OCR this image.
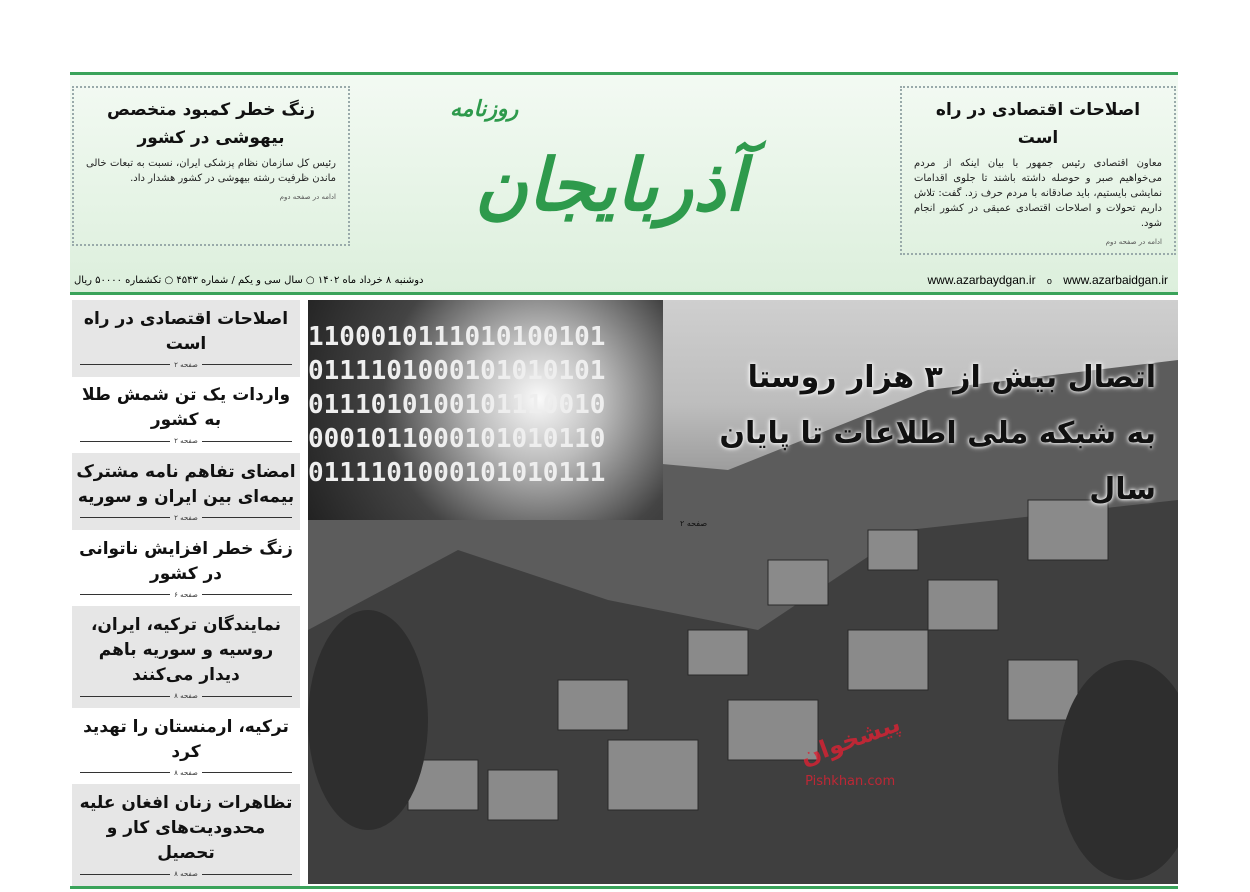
اصلاحات اقتصادی در راه است

معاون اقتصادی رئیس جمهور با بیان اینکه از مردم می‌خواهیم صبر و حوصله داشته باشند تا جلوی اقدامات نمایشی بایستیم، باید صادقانه با مردم حرف زد. گفت: تلاش داریم تحولات و اصلاحات اقتصادی عمیقی در کشور انجام شود.

ادامه در صفحه دوم
زنگ خطر کمبود متخصص بیهوشی در کشور

رئیس کل سازمان نظام پزشکی ایران، نسبت به تبعات خالی ماندن ظرفیت رشته بیهوشی در کشور هشدار داد.

ادامه در صفحه دوم
روزنامه
آذربایجان
دوشنبه ۸ خرداد ماه ۱۴۰۲ ○ سال سی و یکم / شماره ۴۵۴۳ ○ تکشماره ۵۰۰۰۰ ریال	www.azarbaydgan.ir o www.azarbaidgan.ir
اصلاحات اقتصادی در راه است
صفحه ۲
واردات یک تن شمش طلا به کشور
صفحه ۲
امضای تفاهم نامه مشترک بیمه‌ای بین ایران و سوریه
صفحه ۲
زنگ خطر افزایش ناتوانی در کشور
صفحه ۶
نمایندگان ترکیه، ایران، روسیه و سوریه باهم دیدار می‌کنند
صفحه ۸
ترکیه، ارمنستان را تهدید کرد
صفحه ۸
تظاهرات زنان افغان علیه محدودیت‌های کار و تحصیل
صفحه ۸
1100010111010100101
0111101000101010101
0111010100101110010
0001011000101010110
0111101000101010111
اتصال بیش از ۳ هزار روستا
به شبکه ملی اطلاعات تا پایان سال
صفحه ۲
پیشخوان
Pishkhan.com
